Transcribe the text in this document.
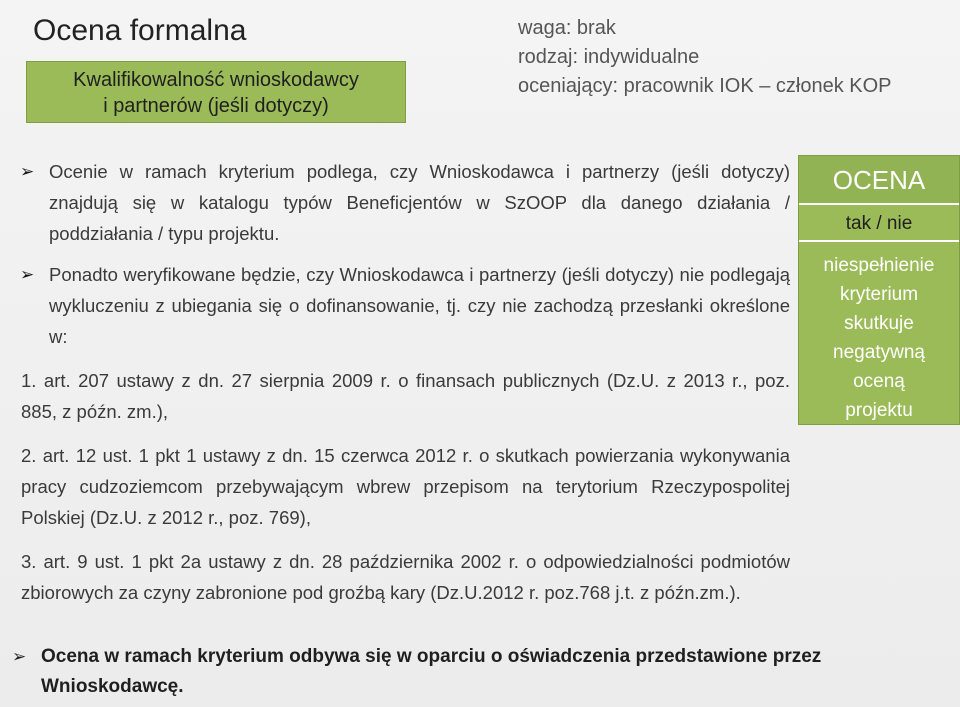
Ocena formalna
Kwalifikowalność wnioskodawcy
i partnerów (jeśli dotyczy)
waga: brak
rodzaj: indywidualne
oceniający: pracownik IOK – członek KOP
➢ Ocenie w ramach kryterium podlega, czy Wnioskodawca i partnerzy (jeśli dotyczy) znajdują się w katalogu typów Beneficjentów w SzOOP dla danego działania / poddziałania / typu projektu.
➢ Ponadto weryfikowane będzie, czy Wnioskodawca i partnerzy (jeśli dotyczy) nie podlegają wykluczeniu z ubiegania się o dofinansowanie, tj. czy nie zachodzą przesłanki określone w:
1. art. 207 ustawy z dn. 27 sierpnia 2009 r. o finansach publicznych (Dz.U. z 2013 r., poz. 885, z późn. zm.),
2. art. 12 ust. 1 pkt 1 ustawy z dn. 15 czerwca 2012 r. o skutkach powierzania wykonywania pracy cudzoziemcom przebywającym wbrew przepisom na terytorium Rzeczypospolitej Polskiej (Dz.U. z 2012 r., poz. 769),
3. art. 9 ust. 1 pkt 2a ustawy z dn. 28 października 2002 r. o odpowiedzialności podmiotów zbiorowych za czyny zabronione pod groźbą kary (Dz.U.2012 r. poz.768 j.t. z późn.zm.).
➢ Ocena w ramach kryterium odbywa się w oparciu o oświadczenia przedstawione przez Wnioskodawcę.
OCENA
tak / nie
niespełnienie
kryterium
skutkuje
negatywną
oceną
projektu
